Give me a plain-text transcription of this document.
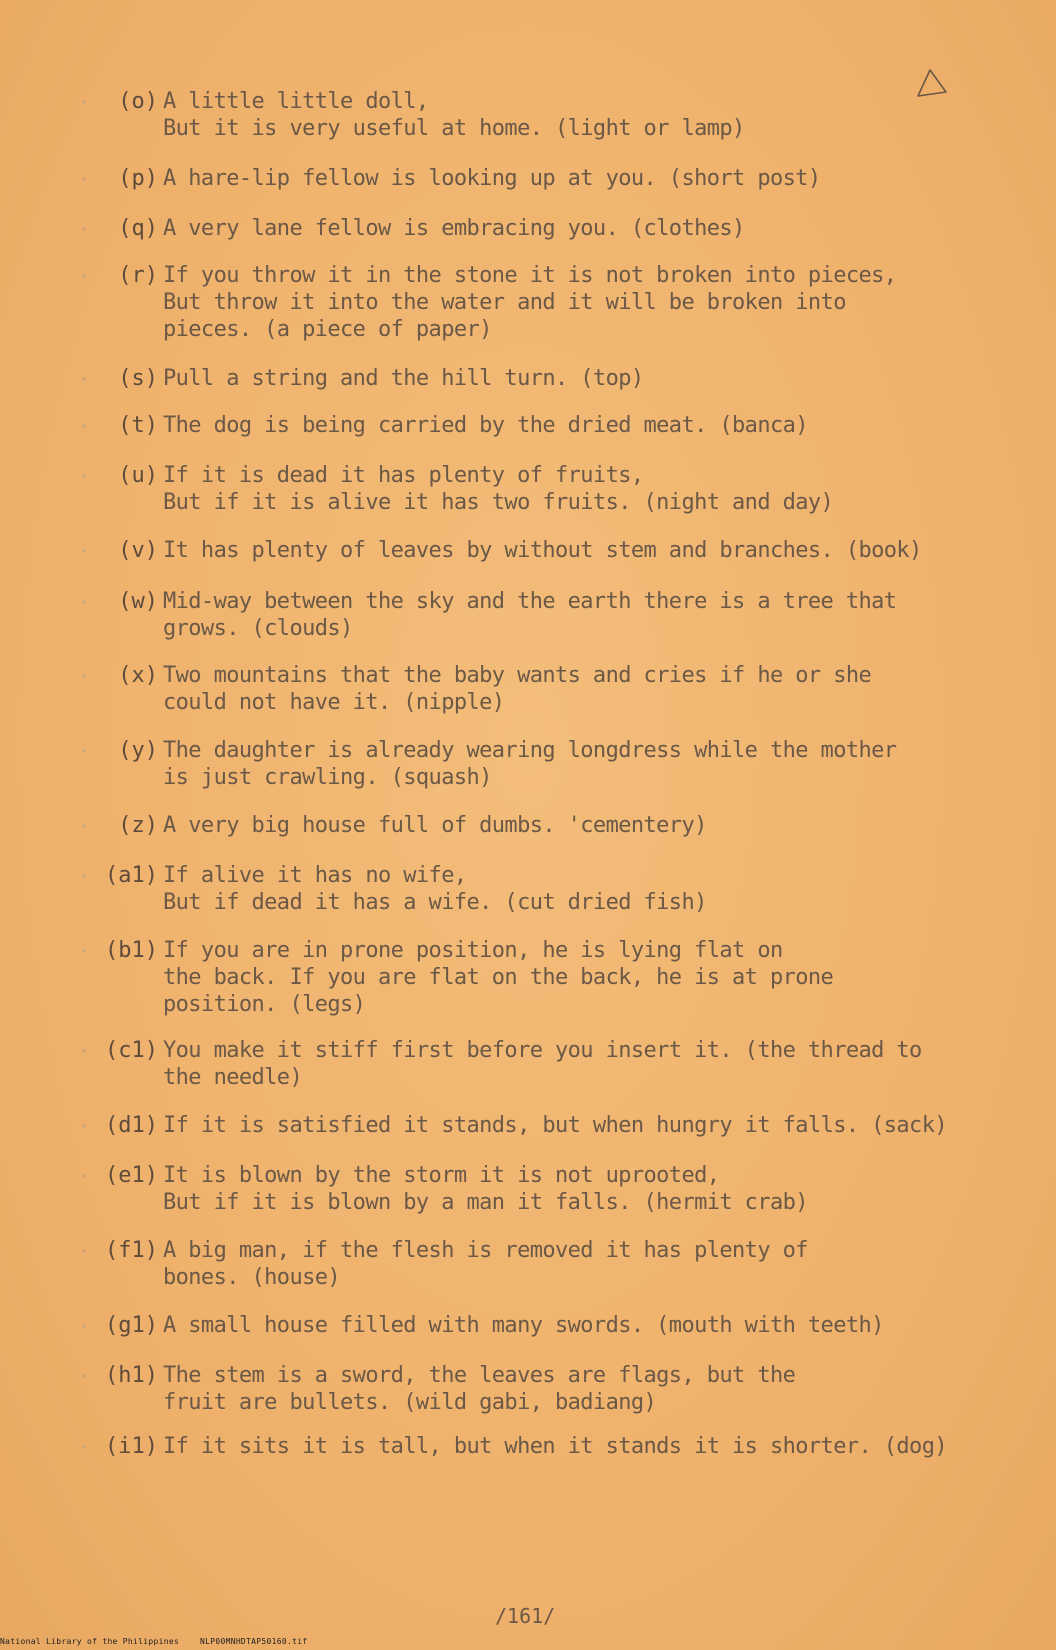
·	(o) A little little doll,
But it is very useful at home. (light or lamp)
·	(p) A hare-lip fellow is looking up at you. (short post)
·	(q) A very lane fellow is embracing you. (clothes)
·	(r) If you throw it in the stone it is not broken into pieces,
But throw it into the water and it will be broken into
pieces. (a piece of paper)
·	(s) Pull a string and the hill turn. (top)
·	(t) The dog is being carried by the dried meat. (banca)
·	(u) If it is dead it has plenty of fruits,
But if it is alive it has two fruits. (night and day)
·	(v) It has plenty of leaves by without stem and branches. (book)
·	(w) Mid-way between the sky and the earth there is a tree that
grows. (clouds)
·	(x) Two mountains that the baby wants and cries if he or she
could not have it. (nipple)
·	(y) The daughter is already wearing longdress while the mother
is just crawling. (squash)
·	(z) A very big house full of dumbs. 'cementery)
· (a1) If alive it has no wife,
But if dead it has a wife. (cut dried fish)
· (b1) If you are in prone position, he is lying flat on
the back. If you are flat on the back, he is at prone
position. (legs)
· (c1) You make it stiff first before you insert it. (the thread to
the needle)
· (d1) If it is satisfied it stands, but when hungry it falls. (sack)
· (e1) It is blown by the storm it is not uprooted,
But if it is blown by a man it falls. (hermit crab)
· (f1) A big man, if the flesh is removed it has plenty of
bones. (house)
· (g1) A small house filled with many swords. (mouth with teeth)
· (h1) The stem is a sword, the leaves are flags, but the
fruit are bullets. (wild gabi, badiang)
· (i1) If it sits it is tall, but when it stands it is shorter. (dog)
/161/
National Library of the Philippines	NLP00MNHDTAP50160.tif
